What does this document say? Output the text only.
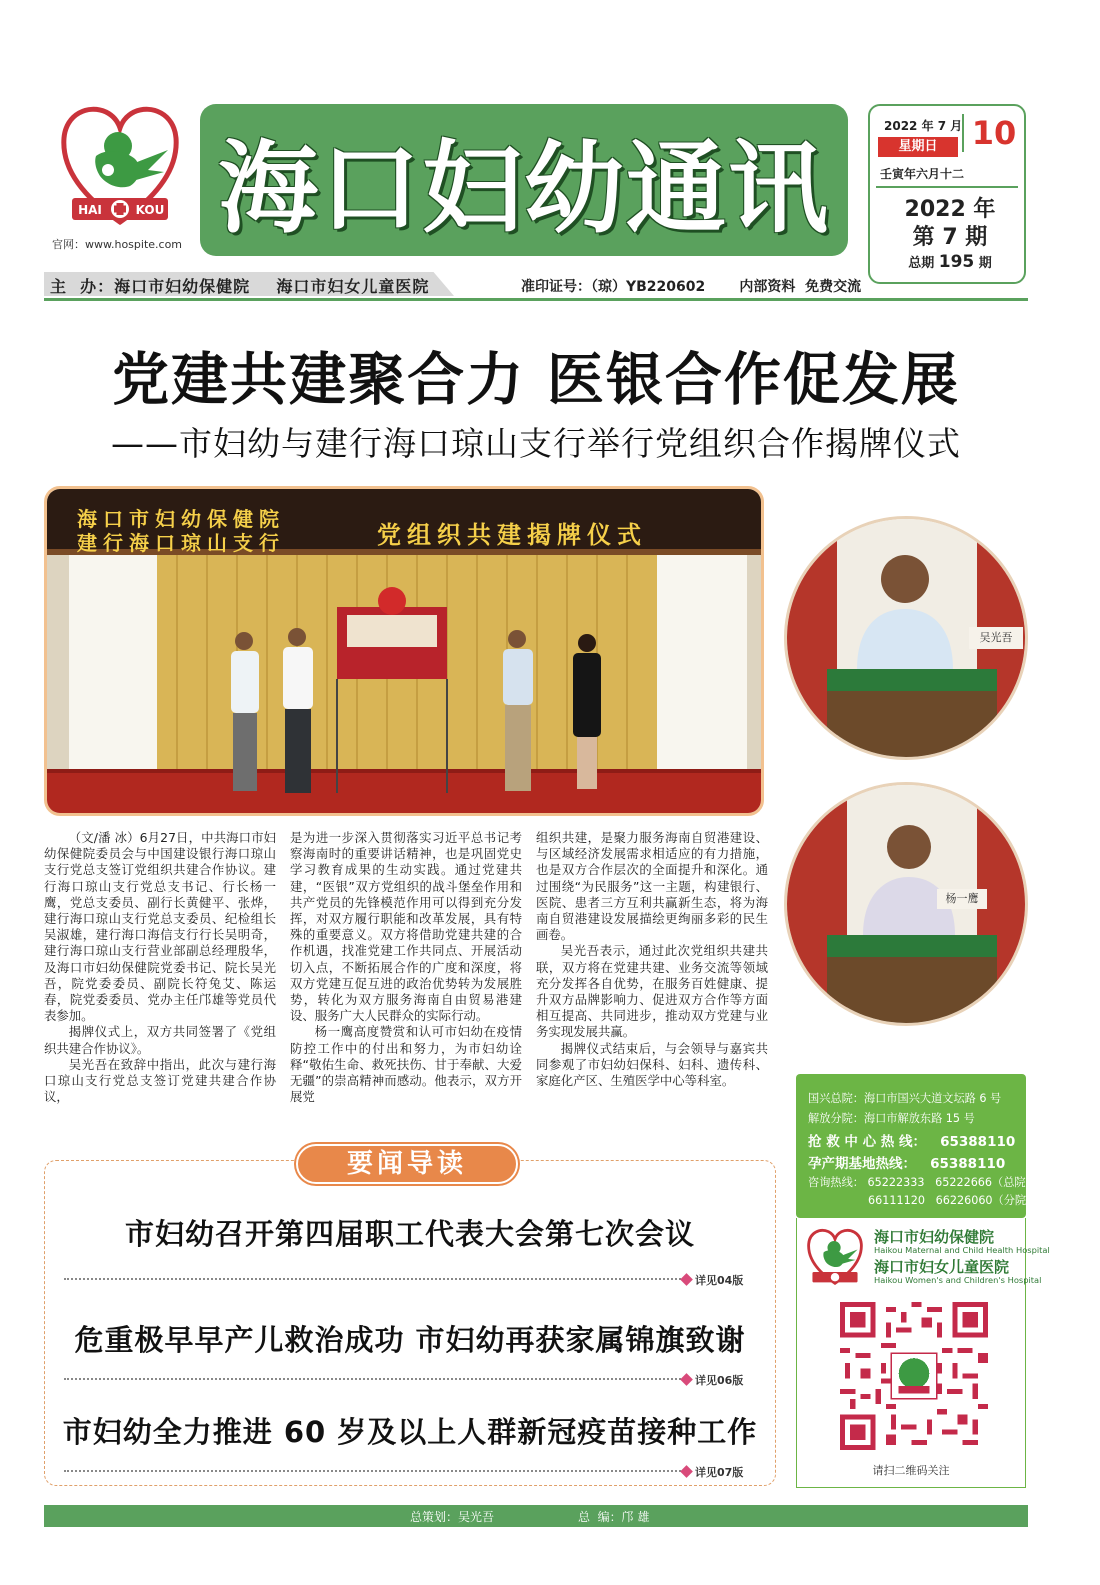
HAI	KOU
官网：www.hospite.com 海口妇幼通讯
2022 年 7 月
星期日	10
壬寅年六月十二
2022 年
第 7 期
总期 195 期
主  办：海口市妇幼保健院    海口市妇女儿童医院	准印证号：（琼）YB220602       内部资料  免费交流
党建共建聚合力 医银合作促发展
——市妇幼与建行海口琼山支行举行党组织合作揭牌仪式
海口市妇幼保健院
建行海口琼山支行	党组织共建揭牌仪式
吴光吾
杨一鹰

（文/潘 冰）6月27日，中共海口市妇幼保健院委员会与中国建设银行海口琼山支行党总支签订党组织共建合作协议。建行海口琼山支行党总支书记、行长杨一鹰，党总支委员、副行长黄健平、张烨，建行海口琼山支行党总支委员、纪检组长吴淑雄，建行海口海信支行行长吴明奇，建行海口琼山支行营业部副总经理殷华，及海口市妇幼保健院党委书记、院长吴光吾，院党委委员、副院长符兔艾、陈运春，院党委委员、党办主任邝雄等党员代表参加。

揭牌仪式上，双方共同签署了《党组织共建合作协议》。

吴光吾在致辞中指出，此次与建行海口琼山支行党总支签订党建共建合作协议，

是为进一步深入贯彻落实习近平总书记考察海南时的重要讲话精神，也是巩固党史学习教育成果的生动实践。通过党建共建，“医银”双方党组织的战斗堡垒作用和共产党员的先锋模范作用可以得到充分发挥，对双方履行职能和改革发展，具有特殊的重要意义。双方将借助党建共建的合作机遇，找准党建工作共同点、开展活动切入点，不断拓展合作的广度和深度，将双方党建互促互进的政治优势转为发展胜势，转化为双方服务海南自由贸易港建设、服务广大人民群众的实际行动。

杨一鹰高度赞赏和认可市妇幼在疫情防控工作中的付出和努力，为市妇幼诠释“敬佑生命、救死扶伤、甘于奉献、大爱无疆”的崇高精神而感动。他表示，双方开展党

组织共建，是聚力服务海南自贸港建设、与区域经济发展需求相适应的有力措施，也是双方合作层次的全面提升和深化。通过围绕“为民服务”这一主题，构建银行、医院、患者三方互利共赢新生态，将为海南自贸港建设发展描绘更绚丽多彩的民生画卷。

吴光吾表示，通过此次党组织共建共联，双方将在党建共建、业务交流等领域充分发挥各自优势，在服务百姓健康、提升双方品牌影响力、促进双方合作等方面相互提高、共同进步，推动双方党建与业务实现发展共赢。

揭牌仪式结束后，与会领导与嘉宾共同参观了市妇幼妇保科、妇科、遗传科、家庭化产区、生殖医学中心等科室。

国兴总院：海口市国兴大道文坛路 6 号
解放分院：海口市解放东路 15 号
抢 救 中 心 热 线：   65388110
孕产期基地热线：   65388110
咨询热线： 65222333   65222666（总院）
66111120   66226060（分院）
海口市妇幼保健院
Haikou Maternal and Child Health Hospital
海口市妇女儿童医院
Haikou Women's and Children's Hospital
请扫二维码关注
要闻导读
市妇幼召开第四届职工代表大会第七次会议
详见04版
危重极早早产儿救治成功 市妇幼再获家属锦旗致谢
详见06版
市妇幼全力推进 60 岁及以上人群新冠疫苗接种工作
详见07版
总策划：吴光吾	总  编：邝 雄
